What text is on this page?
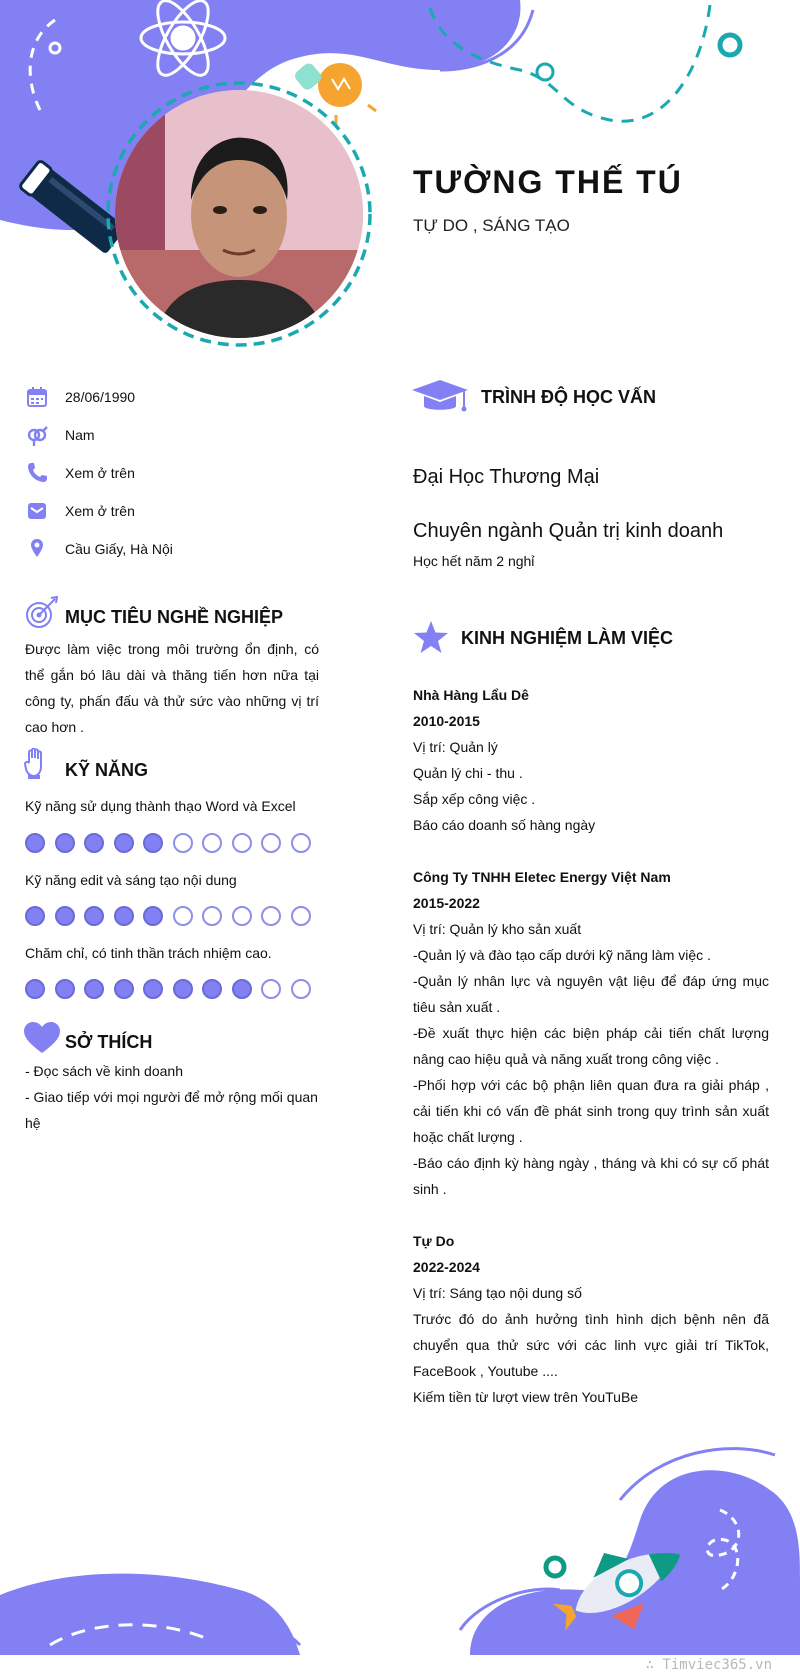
TƯỜNG THẾ TÚ
TỰ DO , SÁNG TẠO
28/06/1990
Nam
Xem ở trên
Xem ở trên
Cầu Giấy, Hà Nội
MỤC TIÊU NGHỀ NGHIỆP
Được làm việc trong môi trường ổn định, có thể gắn bó lâu dài và thăng tiến hơn nữa tại công ty, phấn đấu và thử sức vào những vị trí cao hơn .
KỸ NĂNG
Kỹ năng sử dụng thành thạo Word và Excel
Kỹ năng edit và sáng tạo nội dung
Chăm chỉ, có tinh thần trách nhiệm cao.
SỞ THÍCH
- Đọc sách về kinh doanh
- Giao tiếp với mọi người để mở rộng mối quan hệ
TRÌNH ĐỘ HỌC VẤN
Đại Học Thương Mại
Chuyên ngành Quản trị kinh doanh
Học hết năm 2 nghỉ
KINH NGHIỆM LÀM VIỆC
Nhà Hàng Lẩu Dê
2010-2015
Vị trí: Quản lý
Quản lý chi - thu .
Sắp xếp công việc .
Báo cáo doanh số hàng ngày
Công Ty TNHH Eletec Energy Việt Nam
2015-2022
Vị trí: Quản lý kho sản xuất
-Quản lý và đào tạo cấp dưới kỹ năng làm việc .
-Quản lý nhân lực và nguyên vật liệu để đáp ứng mục tiêu sản xuất .
-Đề xuất thực hiện các biện pháp cải tiến chất lượng nâng cao hiệu quả và năng xuất trong công việc .
-Phối hợp với các bộ phận liên quan đưa ra giải pháp , cải tiến khi có vấn đề phát sinh trong quy trình sản xuất hoặc chất lượng .
-Báo cáo định kỳ hàng ngày , tháng và khi có sự cố phát sinh .
Tự Do
2022-2024
Vị trí: Sáng tạo nội dung số
Trước đó do ảnh hưởng tình hình dịch bệnh nên đã chuyển qua thử sức với các linh vực giải trí TikTok, FaceBook , Youtube ....
Kiếm tiền từ lượt view trên YouTuBe
∴ Timviec365.vn
